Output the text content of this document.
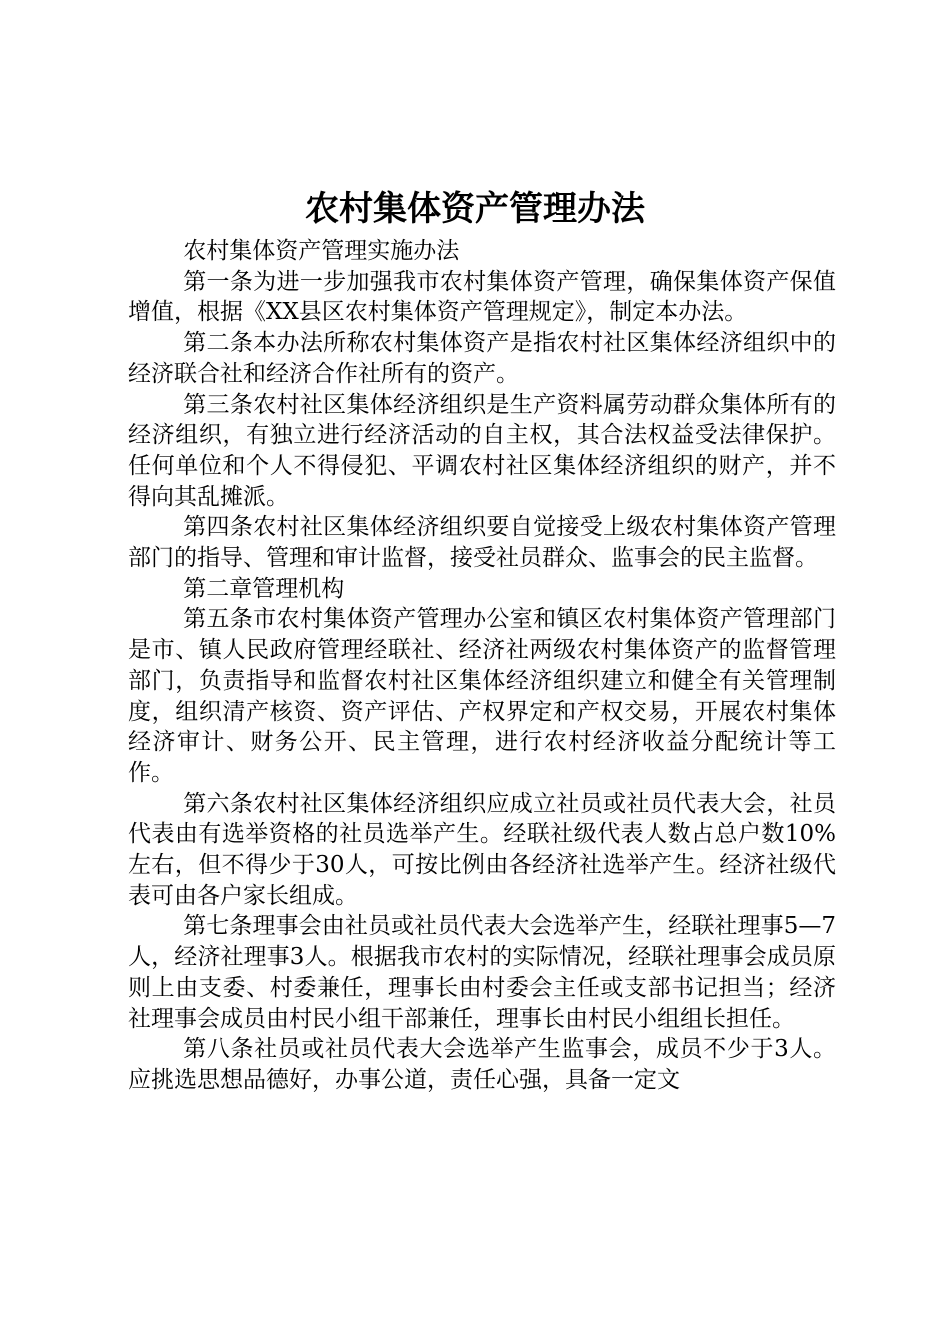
农村集体资产管理办法

农村集体资产管理实施办法

第一条为进一步加强我市农村集体资产管理，确保集体资产保值增值，根据《XX县区农村集体资产管理规定》，制定本办法。

第二条本办法所称农村集体资产是指农村社区集体经济组织中的经济联合社和经济合作社所有的资产。

第三条农村社区集体经济组织是生产资料属劳动群众集体所有的经济组织，有独立进行经济活动的自主权，其合法权益受法律保护。任何单位和个人不得侵犯、平调农村社区集体经济组织的财产，并不得向其乱摊派。

第四条农村社区集体经济组织要自觉接受上级农村集体资产管理部门的指导、管理和审计监督，接受社员群众、监事会的民主监督。

第二章管理机构

第五条市农村集体资产管理办公室和镇区农村集体资产管理部门是市、镇人民政府管理经联社、经济社两级农村集体资产的监督管理部门，负责指导和监督农村社区集体经济组织建立和健全有关管理制度，组织清产核资、资产评估、产权界定和产权交易，开展农村集体经济审计、财务公开、民主管理，进行农村经济收益分配统计等工作。

第六条农村社区集体经济组织应成立社员或社员代表大会，社员代表由有选举资格的社员选举产生。经联社级代表人数占总户数10%左右，但不得少于30人，可按比例由各经济社选举产生。经济社级代表可由各户家长组成。

第七条理事会由社员或社员代表大会选举产生，经联社理事5—7人，经济社理事3人。根据我市农村的实际情况，经联社理事会成员原则上由支委、村委兼任，理事长由村委会主任或支部书记担当；经济社理事会成员由村民小组干部兼任，理事长由村民小组组长担任。

第八条社员或社员代表大会选举产生监事会，成员不少于3人。应挑选思想品德好，办事公道，责任心强，具备一定文
